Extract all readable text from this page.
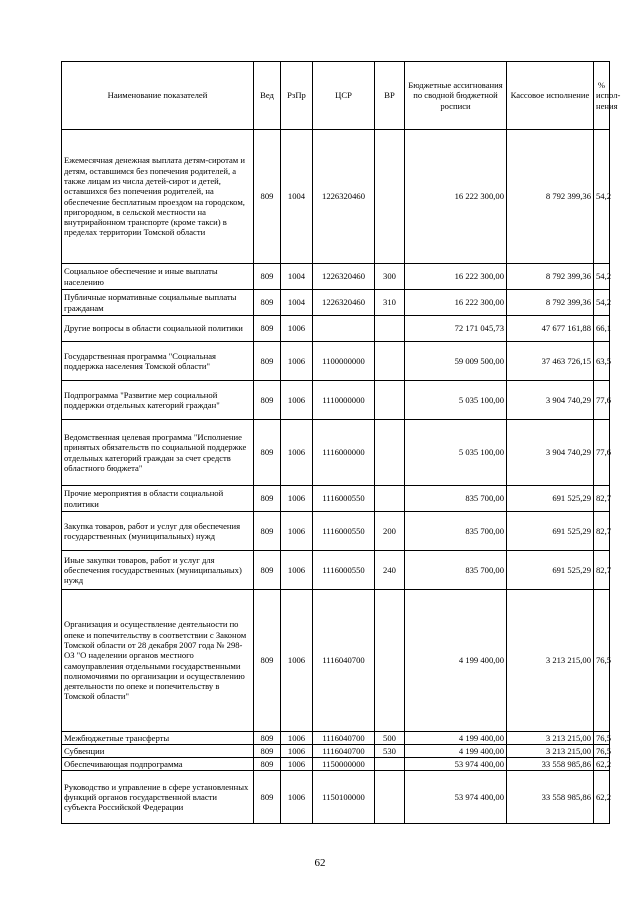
Наименование показателей	Вед	РзПр	ЦСР	ВР	Бюджетные ассигнования по сводной бюджетной росписи	Кассовое исполнение	% испол-нения
Ежемесячная денежная выплата детям-сиротам и детям, оставшимся без попечения родителей, а также лицам из числа детей-сирот и детей, оставшихся без попечения родителей, на обеспечение бесплатным проездом на городском, пригородном, в сельской местности на внутрирайонном транспорте (кроме такси) в пределах территории Томской области	809	1004	1226320460		16 222 300,00	8 792 399,36	54,2
Социальное обеспечение и иные выплаты населению	809	1004	1226320460	300	16 222 300,00	8 792 399,36	54,2
Публичные нормативные социальные выплаты гражданам	809	1004	1226320460	310	16 222 300,00	8 792 399,36	54,2
Другие вопросы в области социальной политики	809	1006			72 171 045,73	47 677 161,88	66,1
Государственная программа "Социальная поддержка населения Томской области"	809	1006	1100000000		59 009 500,00	37 463 726,15	63,5
Подпрограмма "Развитие мер социальной поддержки отдельных категорий граждан"	809	1006	1110000000		5 035 100,00	3 904 740,29	77,6
Ведомственная целевая программа "Исполнение принятых обязательств по социальной поддержке отдельных категорий граждан за счет средств областного бюджета"	809	1006	1116000000		5 035 100,00	3 904 740,29	77,6
Прочие мероприятия в области социальной политики	809	1006	1116000550		835 700,00	691 525,29	82,7
Закупка товаров, работ и услуг для обеспечения государственных (муниципальных) нужд	809	1006	1116000550	200	835 700,00	691 525,29	82,7
Иные закупки товаров, работ и услуг для обеспечения государственных (муниципальных) нужд	809	1006	1116000550	240	835 700,00	691 525,29	82,7
Организация и осуществление деятельности по опеке и попечительству в соответствии с Законом Томской области от 28 декабря 2007 года № 298-ОЗ "О наделении органов местного самоуправления отдельными государственными полномочиями по организации и осуществлению деятельности по опеке и попечительству в Томской области"	809	1006	1116040700		4 199 400,00	3 213 215,00	76,5
Межбюджетные трансферты	809	1006	1116040700	500	4 199 400,00	3 213 215,00	76,5
Субвенции	809	1006	1116040700	530	4 199 400,00	3 213 215,00	76,5
Обеспечивающая подпрограмма	809	1006	1150000000		53 974 400,00	33 558 985,86	62,2
Руководство и управление в сфере установленных функций органов государственной власти субъекта Российской Федерации	809	1006	1150100000		53 974 400,00	33 558 985,86	62,2
62
